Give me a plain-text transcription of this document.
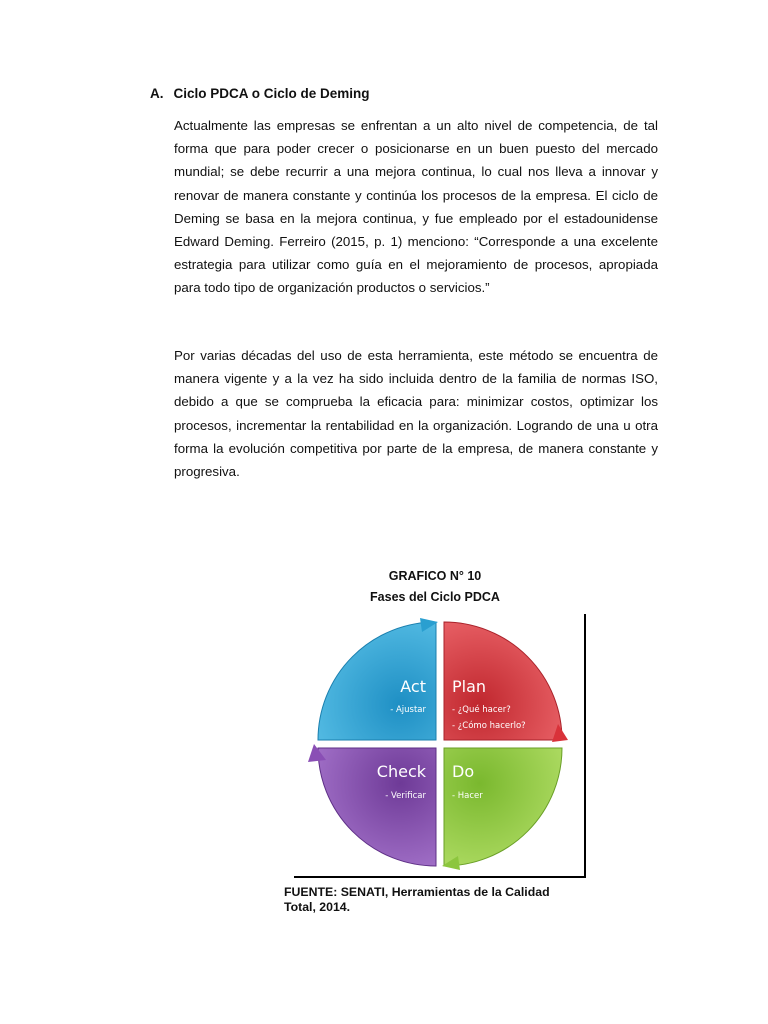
A. Ciclo PDCA o Ciclo de Deming

Actualmente las empresas se enfrentan a un alto nivel de competencia, de tal forma que para poder crecer o posicionarse en un buen puesto del mercado mundial; se debe recurrir a una mejora continua, lo cual nos lleva a innovar y renovar de manera constante y continúa los procesos de la empresa. El ciclo de Deming se basa en la mejora continua, y fue empleado por el estadounidense Edward Deming. Ferreiro (2015, p. 1) menciono: “Corresponde a una excelente estrategia para utilizar como guía en el mejoramiento de procesos, apropiada para todo tipo de organización productos o servicios.”

Por varias décadas del uso de esta herramienta, este método se encuentra de manera vigente y a la vez ha sido incluida dentro de la familia de normas ISO, debido a que se comprueba la eficacia para: minimizar costos, optimizar los procesos, incrementar la rentabilidad en la organización. Logrando de una u otra forma la evolución competitiva por parte de la empresa, de manera constante y progresiva.

GRAFICO N° 10
Fases del Ciclo PDCA
Act
- Ajustar
Plan
- ¿Qué hacer?
- ¿Cómo hacerlo?
Check
- Verificar
Do
- Hacer
FUENTE: SENATI, Herramientas de la Calidad Total, 2014.
